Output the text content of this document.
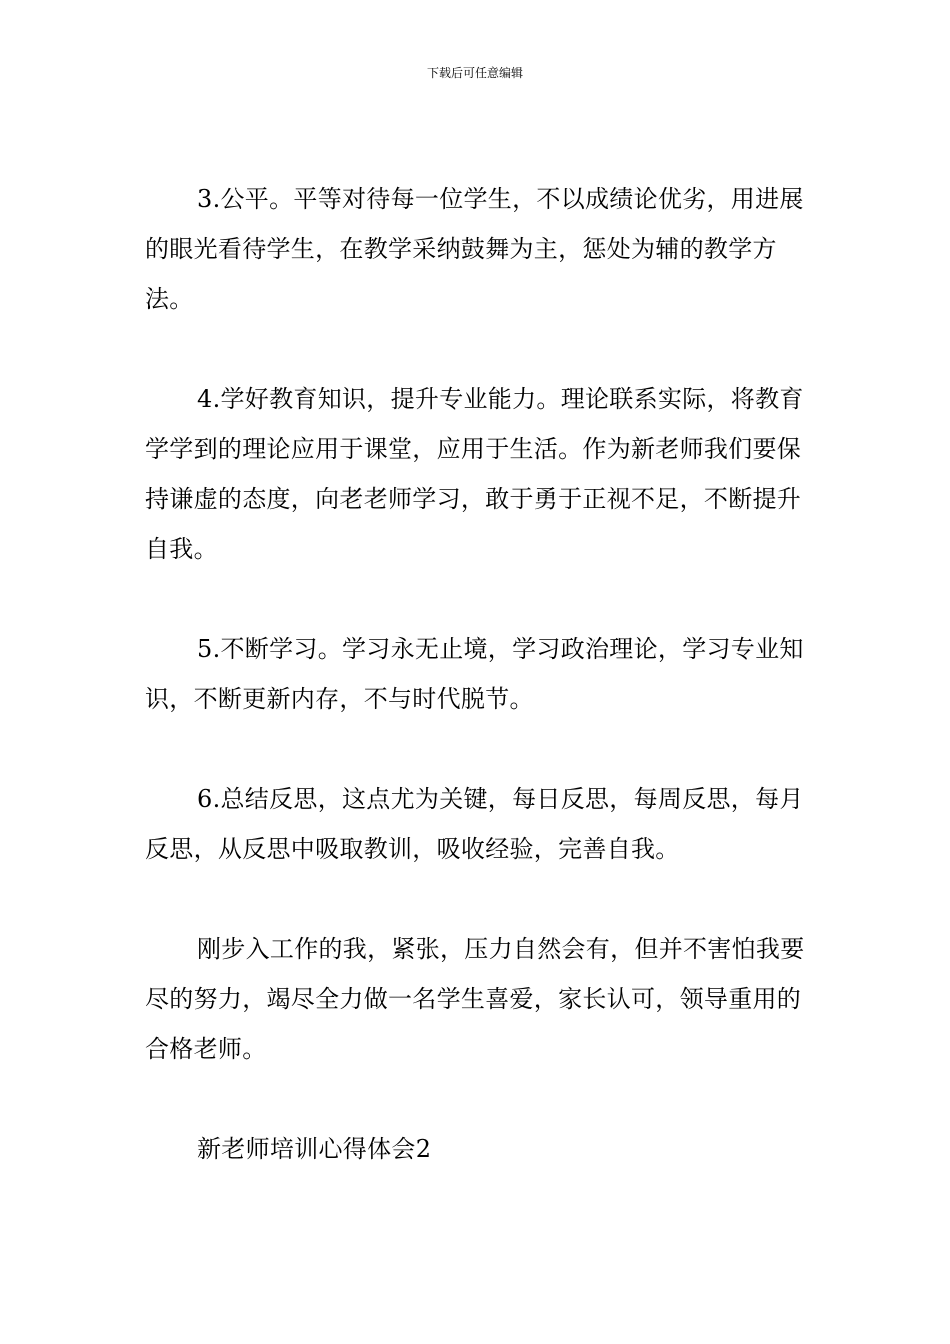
下载后可任意编辑

3.公平。平等对待每一位学生，不以成绩论优劣，用进展的眼光看待学生，在教学采纳鼓舞为主，惩处为辅的教学方法。

4.学好教育知识，提升专业能力。理论联系实际，将教育学学到的理论应用于课堂，应用于生活。作为新老师我们要保持谦虚的态度，向老老师学习，敢于勇于正视不足，不断提升自我。

5.不断学习。学习永无止境，学习政治理论，学习专业知识，不断更新内存，不与时代脱节。

6.总结反思，这点尤为关键，每日反思，每周反思，每月反思，从反思中吸取教训，吸收经验，完善自我。

刚步入工作的我，紧张，压力自然会有，但并不害怕我要尽的努力，竭尽全力做一名学生喜爱，家长认可，领导重用的合格老师。

新老师培训心得体会2
